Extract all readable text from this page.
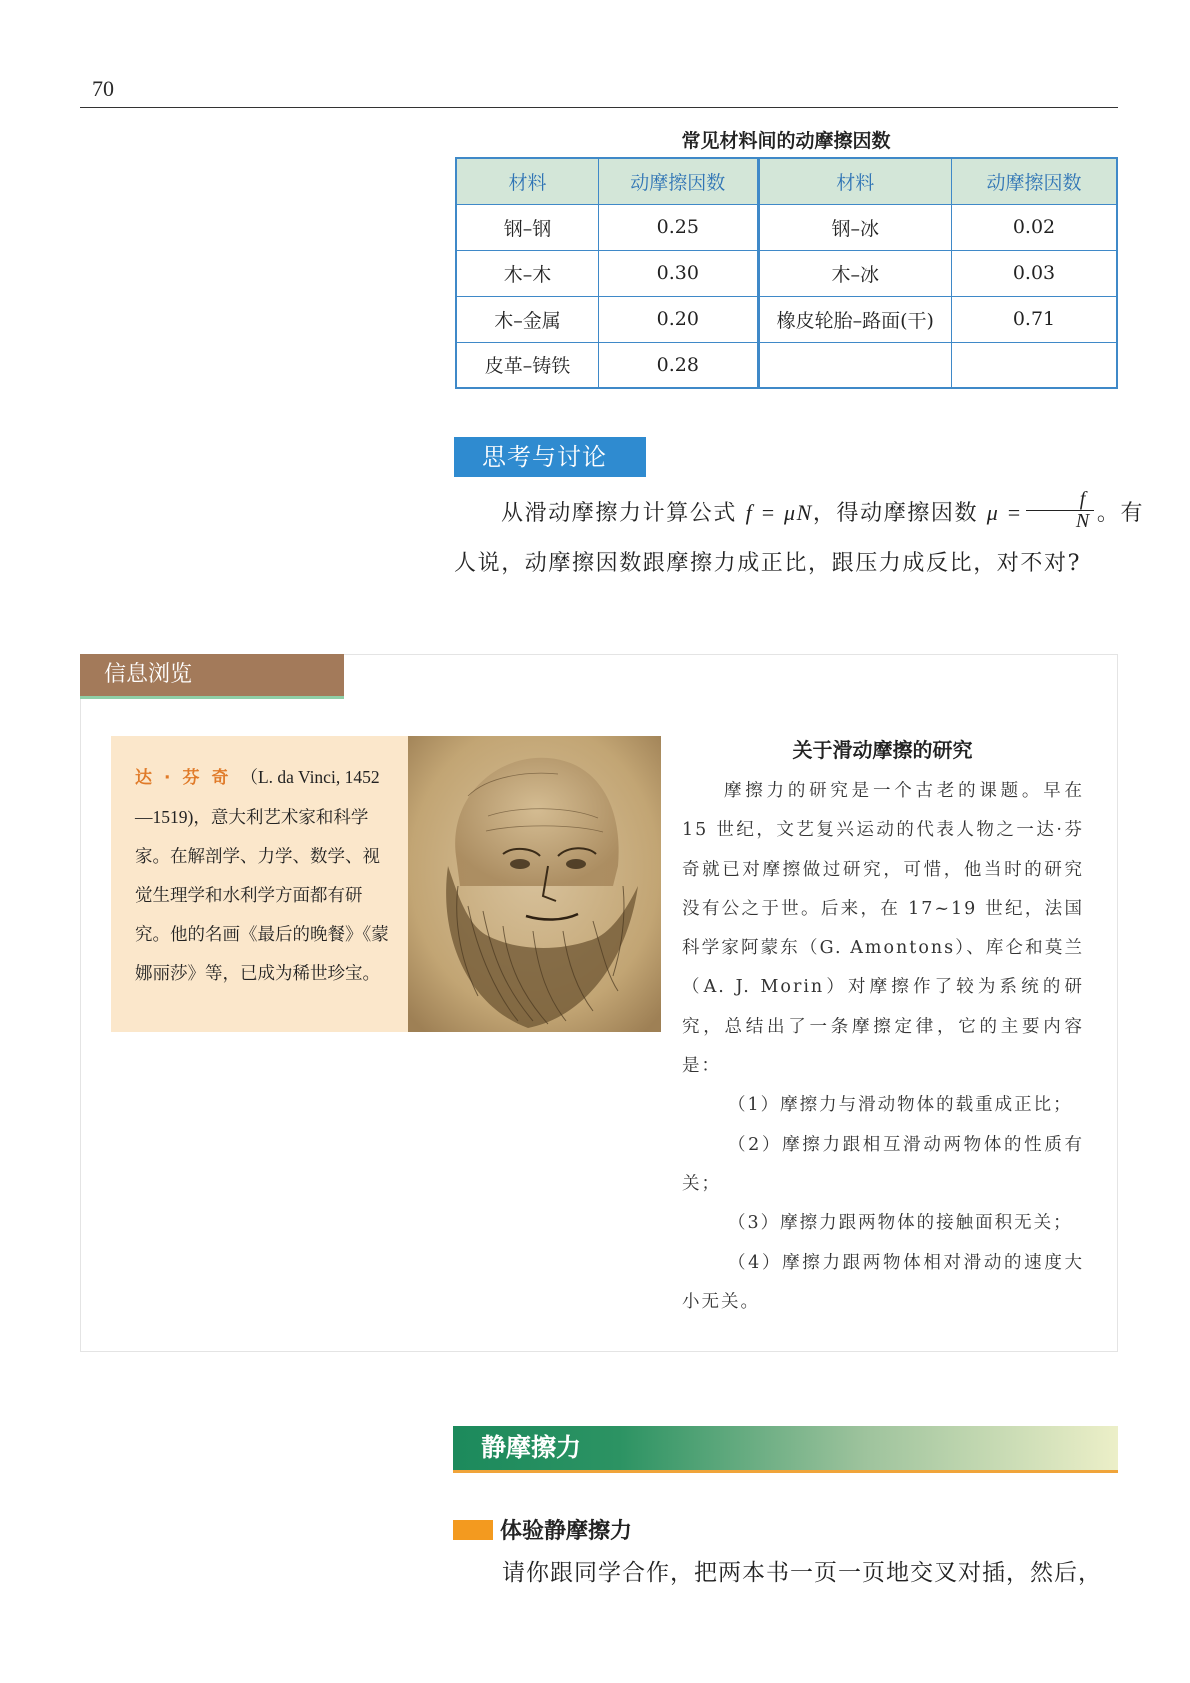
70
常见材料间的动摩擦因数
材料	动摩擦因数	材料	动摩擦因数
钢–钢	0.25	钢–冰	0.02
木–木	0.30	木–冰	0.03
木–金属	0.20	橡皮轮胎–路面(干)	0.71
皮革–铸铁	0.28		
思考与讨论
从滑动摩擦力计算公式 f = μN，得动摩擦因数 $\mu = \frac{f}{N}$ 。有
人说，动摩擦因数跟摩擦力成正比，跟压力成反比，对不对?
信息浏览
达·芬奇（L. da Vinci, 1452—1519)，意大利艺术家和科学家。在解剖学、力学、数学、视觉生理学和水利学方面都有研究。他的名画《最后的晚餐》《蒙娜丽莎》等，已成为稀世珍宝。
关于滑动摩擦的研究

摩擦力的研究是一个古老的课题。早在 15 世纪，文艺复兴运动的代表人物之一达·芬奇就已对摩擦做过研究，可惜，他当时的研究没有公之于世。后来，在 17~19 世纪，法国科学家阿蒙东（G. Amontons）、库仑和莫兰（A. J. Morin）对摩擦作了较为系统的研究，总结出了一条摩擦定律，它的主要内容是：

（1）摩擦力与滑动物体的载重成正比；

（2）摩擦力跟相互滑动两物体的性质有关；

（3）摩擦力跟两物体的接触面积无关；

（4）摩擦力跟两物体相对滑动的速度大小无关。

静摩擦力
体验静摩擦力
请你跟同学合作，把两本书一页一页地交叉对插，然后，
